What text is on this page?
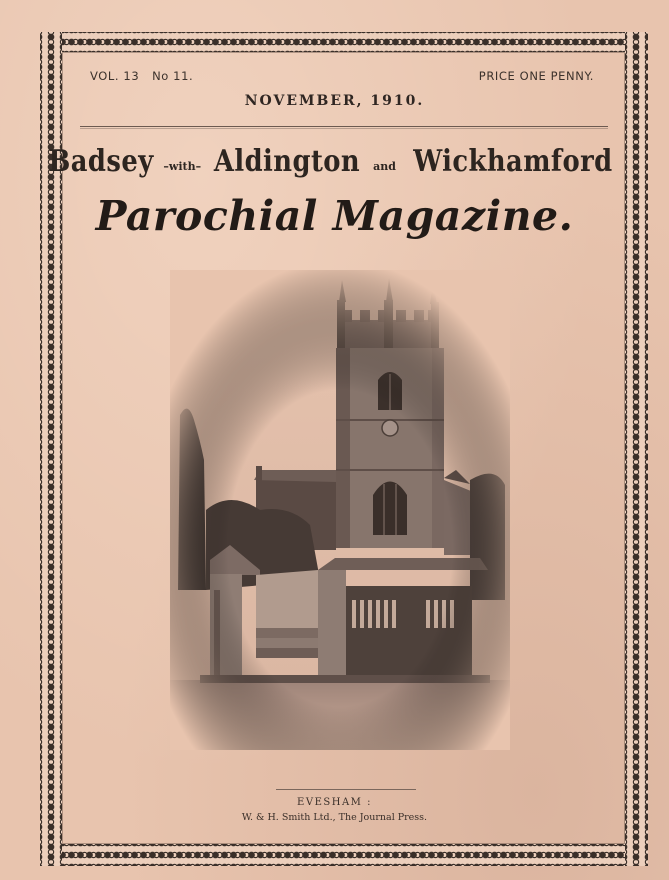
VOL. 13 No 11.	PRICE ONE PENNY.
NOVEMBER, 1910.
Badsey –with– Aldington and Wickhamford
Parochial Magazine.
EVESHAM :
W. & H. Smith Ltd., The Journal Press.
